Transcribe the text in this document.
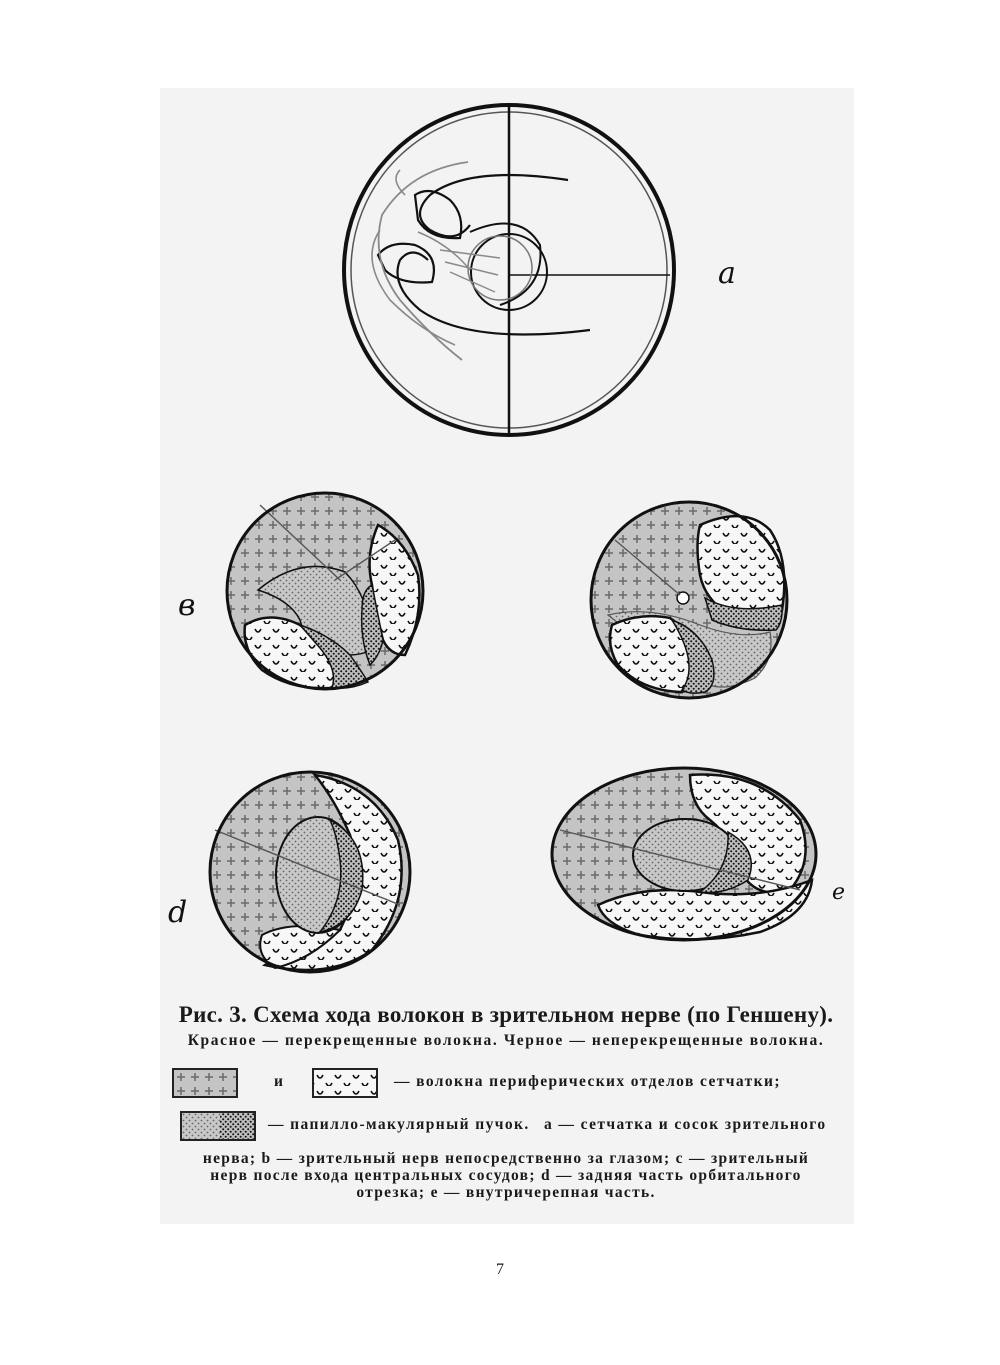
a
в
d
e
Рис. 3. Схема хода волокон в зрительном нерве (по Геншену).
Красное — перекрещенные волокна. Черное — неперекрещенные волокна.
и	— волокна периферических отделов сетчатки;
— папилло-макулярный пучок. a — сетчатка и сосок зрительного
нерва; b — зрительный нерв непосредственно за глазом; c — зрительный
нерв после входа центральных сосудов; d — задняя часть орбитального
отрезка; e — внутричерепная часть.
7
